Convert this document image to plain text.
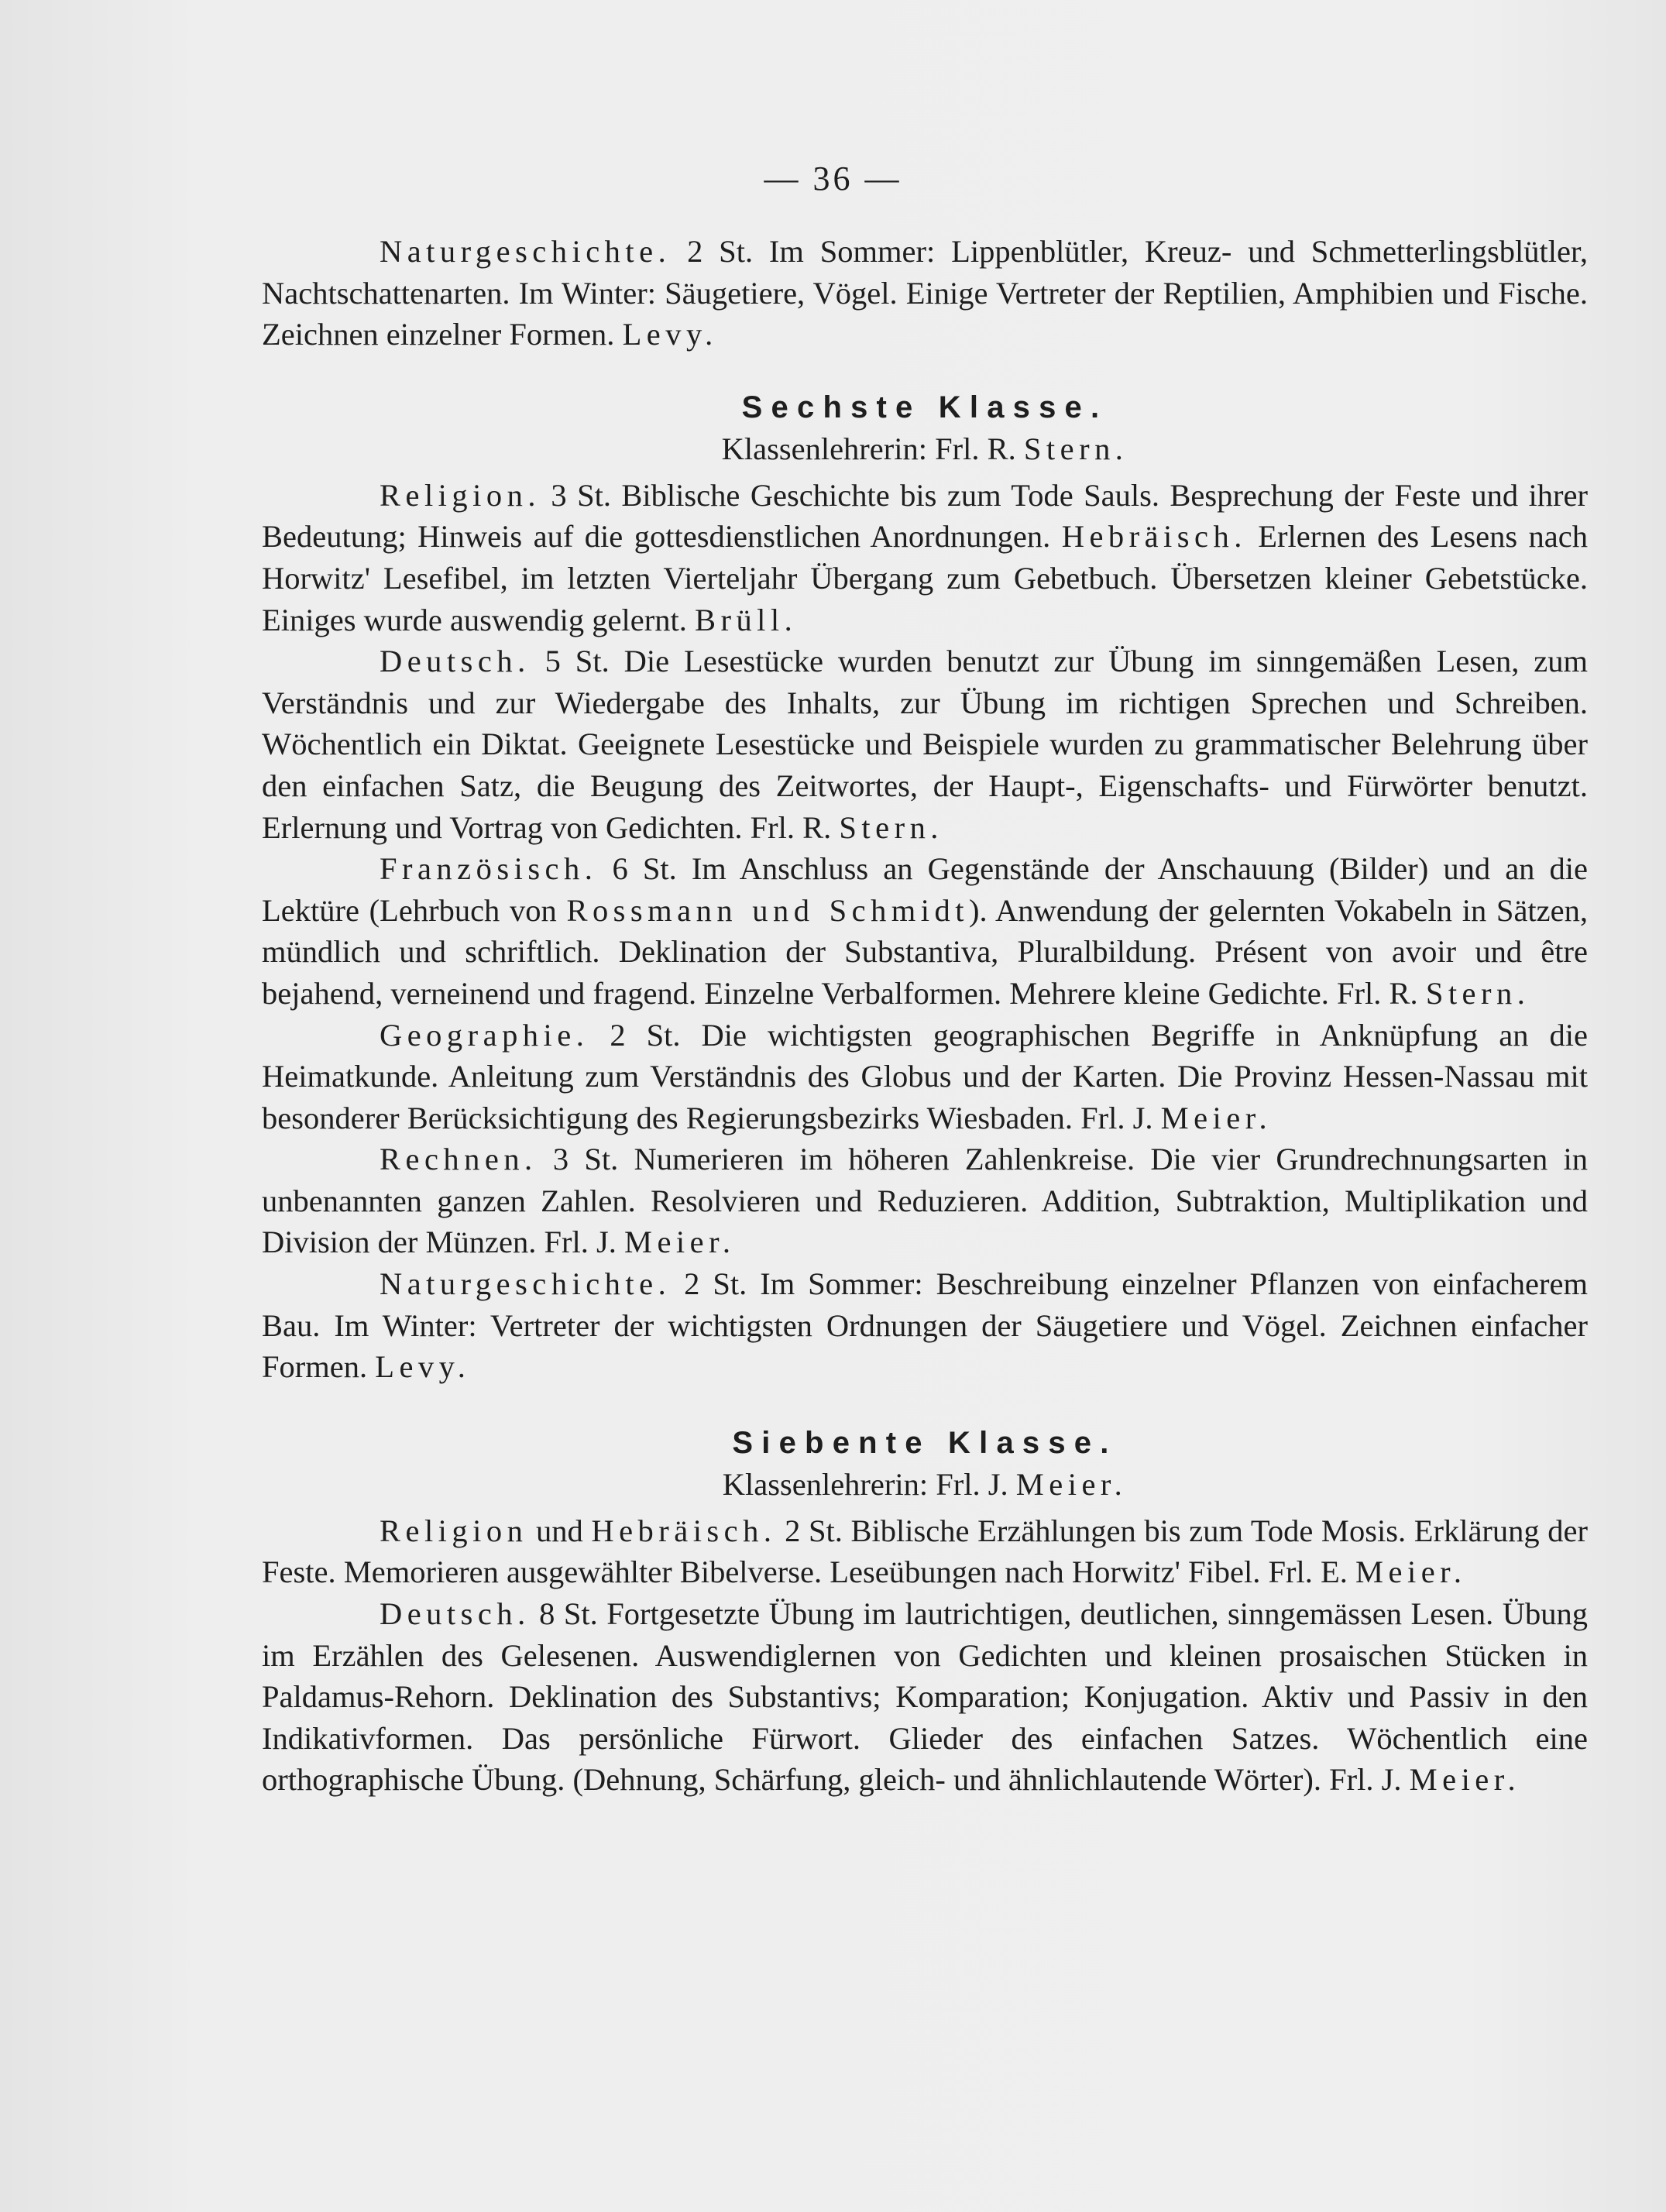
— 36 —

Naturgeschichte. 2 St. Im Sommer: Lippenblütler, Kreuz- und Schmetterlingsblütler, Nachtschattenarten. Im Winter: Säugetiere, Vögel. Einige Vertreter der Reptilien, Amphibien und Fische. Zeichnen einzelner Formen. Levy.

Sechste Klasse.
Klassenlehrerin: Frl. R. Stern.

Religion. 3 St. Biblische Geschichte bis zum Tode Sauls. Besprechung der Feste und ihrer Bedeutung; Hinweis auf die gottesdienstlichen Anordnungen. Hebräisch. Erlernen des Lesens nach Horwitz' Lesefibel, im letzten Vierteljahr Übergang zum Gebetbuch. Übersetzen kleiner Gebetstücke. Einiges wurde auswendig gelernt. Brüll.

Deutsch. 5 St. Die Lesestücke wurden benutzt zur Übung im sinngemäßen Lesen, zum Verständnis und zur Wiedergabe des Inhalts, zur Übung im richtigen Sprechen und Schreiben. Wöchentlich ein Diktat. Geeignete Lesestücke und Beispiele wurden zu grammatischer Belehrung über den einfachen Satz, die Beugung des Zeitwortes, der Haupt-, Eigenschafts- und Fürwörter benutzt. Erlernung und Vortrag von Gedichten. Frl. R. Stern.

Französisch. 6 St. Im Anschluss an Gegenstände der Anschauung (Bilder) und an die Lektüre (Lehrbuch von Rossmann und Schmidt). Anwendung der gelernten Vokabeln in Sätzen, mündlich und schriftlich. Deklination der Substantiva, Pluralbildung. Présent von avoir und être bejahend, verneinend und fragend. Einzelne Verbalformen. Mehrere kleine Gedichte. Frl. R. Stern.

Geographie. 2 St. Die wichtigsten geographischen Begriffe in Anknüpfung an die Heimatkunde. Anleitung zum Verständnis des Globus und der Karten. Die Provinz Hessen-Nassau mit besonderer Berücksichtigung des Regierungsbezirks Wiesbaden. Frl. J. Meier.

Rechnen. 3 St. Numerieren im höheren Zahlenkreise. Die vier Grundrechnungsarten in unbenannten ganzen Zahlen. Resolvieren und Reduzieren. Addition, Subtraktion, Multiplikation und Division der Münzen. Frl. J. Meier.

Naturgeschichte. 2 St. Im Sommer: Beschreibung einzelner Pflanzen von einfacherem Bau. Im Winter: Vertreter der wichtigsten Ordnungen der Säugetiere und Vögel. Zeichnen einfacher Formen. Levy.

Siebente Klasse.
Klassenlehrerin: Frl. J. Meier.

Religion und Hebräisch. 2 St. Biblische Erzählungen bis zum Tode Mosis. Erklärung der Feste. Memorieren ausgewählter Bibelverse. Leseübungen nach Horwitz' Fibel. Frl. E. Meier.

Deutsch. 8 St. Fortgesetzte Übung im lautrichtigen, deutlichen, sinngemässen Lesen. Übung im Erzählen des Gelesenen. Auswendiglernen von Gedichten und kleinen prosaischen Stücken in Paldamus-Rehorn. Deklination des Substantivs; Komparation; Konjugation. Aktiv und Passiv in den Indikativformen. Das persönliche Fürwort. Glieder des einfachen Satzes. Wöchentlich eine orthographische Übung. (Dehnung, Schärfung, gleich- und ähnlichlautende Wörter). Frl. J. Meier.
